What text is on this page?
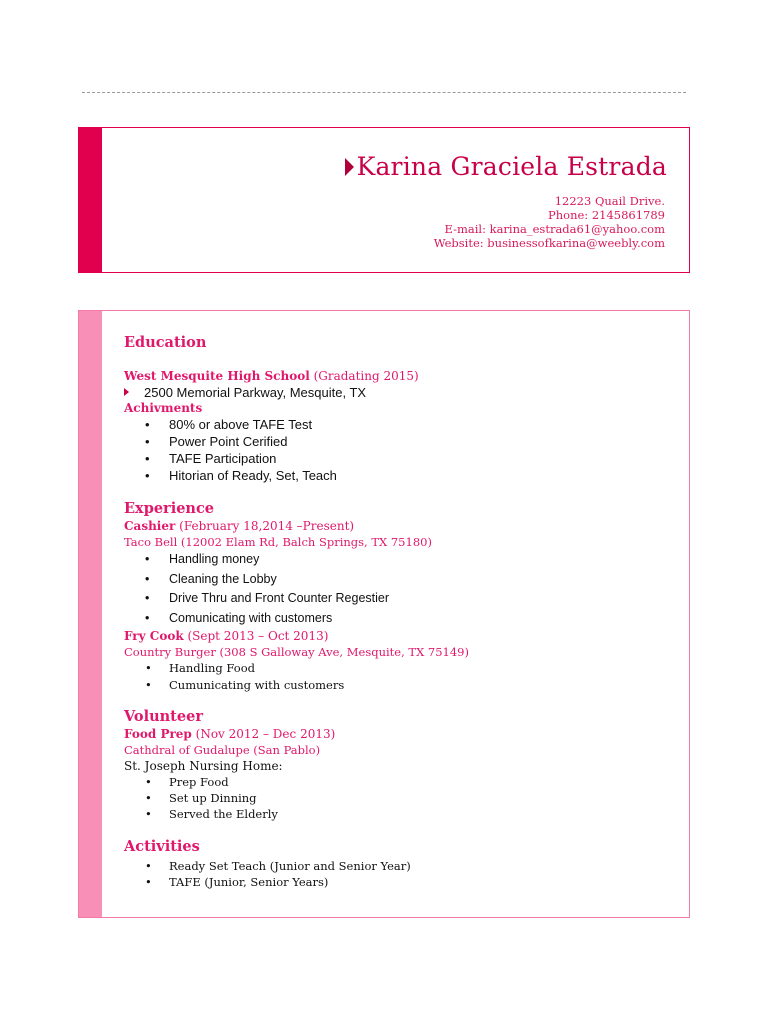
Karina Graciela Estrada
12223 Quail Drive.
Phone: 2145861789
E-mail: karina_estrada61@yahoo.com
Website: businessofkarina@weebly.com
Education
West Mesquite High School (Gradating 2015)
2500 Memorial Parkway, Mesquite, TX
Achivments
• 80% or above TAFE Test
• Power Point Cerified
• TAFE Participation
• Hitorian of Ready, Set, Teach
Experience
Cashier (February 18,2014 –Present)
Taco Bell (12002 Elam Rd, Balch Springs, TX 75180)
• Handling money
• Cleaning the Lobby
• Drive Thru and Front Counter Regestier
• Comunicating with customers
Fry Cook (Sept 2013 – Oct 2013)
Country Burger (308 S Galloway Ave, Mesquite, TX 75149)
• Handling Food
• Cumunicating with customers
Volunteer
Food Prep (Nov 2012 – Dec 2013)
Cathdral of Gudalupe (San Pablo)
St. Joseph Nursing Home:
• Prep Food
• Set up Dinning
• Served the Elderly
Activities
• Ready Set Teach (Junior and Senior Year)
• TAFE (Junior, Senior Years)
